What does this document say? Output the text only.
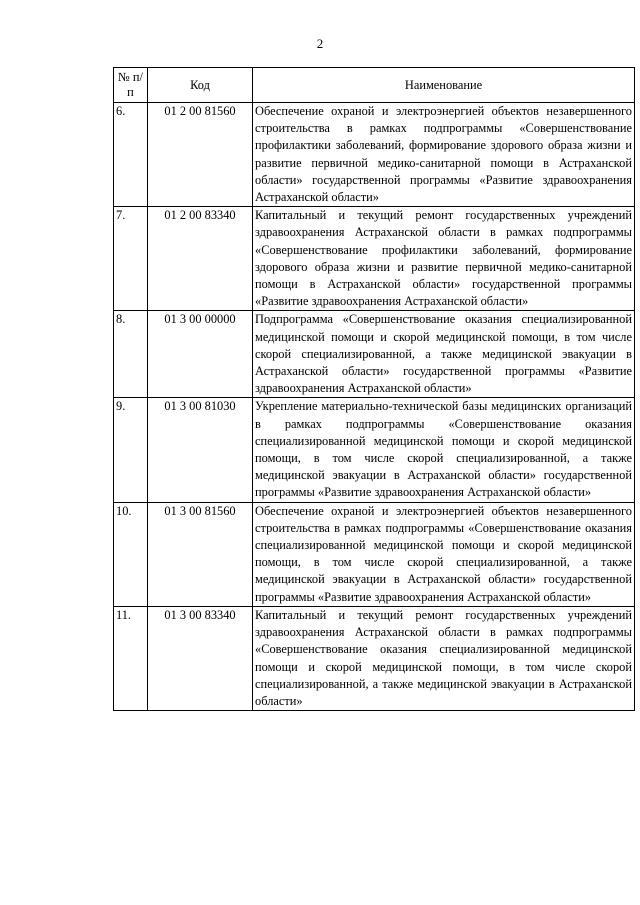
2
№ п/п	Код	Наименование
6.	01 2 00 81560	Обеспечение охраной и электроэнергией объектов незавершенного строительства в рамках подпрограммы «Совершенствование профилактики заболеваний, формирование здорового образа жизни и развитие первичной медико-санитарной помощи в Астраханской области» государственной программы «Развитие здравоохранения Астраханской области»
7.	01 2 00 83340	Капитальный и текущий ремонт государственных учреждений здравоохранения Астраханской области в рамках подпрограммы «Совершенствование профилактики заболеваний, формирование здорового образа жизни и развитие первичной медико-санитарной помощи в Астраханской области» государственной программы «Развитие здравоохранения Астраханской области»
8.	01 3 00 00000	Подпрограмма «Совершенствование оказания специализированной медицинской помощи и скорой медицинской помощи, в том числе скорой специализированной, а также медицинской эвакуации в Астраханской области» государственной программы «Развитие здравоохранения Астраханской области»
9.	01 3 00 81030	Укрепление материально-технической базы медицинских организаций в рамках подпрограммы «Совершенствование оказания специализированной медицинской помощи и скорой медицинской помощи, в том числе скорой специализированной, а также медицинской эвакуации в Астраханской области» государственной программы «Развитие здравоохранения Астраханской области»
10.	01 3 00 81560	Обеспечение охраной и электроэнергией объектов незавершенного строительства в рамках подпрограммы «Совершенствование оказания специализированной медицинской помощи и скорой медицинской помощи, в том числе скорой специализированной, а также медицинской эвакуации в Астраханской области» государственной программы «Развитие здравоохранения Астраханской области»
11.	01 3 00 83340	Капитальный и текущий ремонт государственных учреждений здравоохранения Астраханской области в рамках подпрограммы «Совершенствование оказания специализированной медицинской помощи и скорой медицинской помощи, в том числе скорой специализированной, а также медицинской эвакуации в Астраханской области»
